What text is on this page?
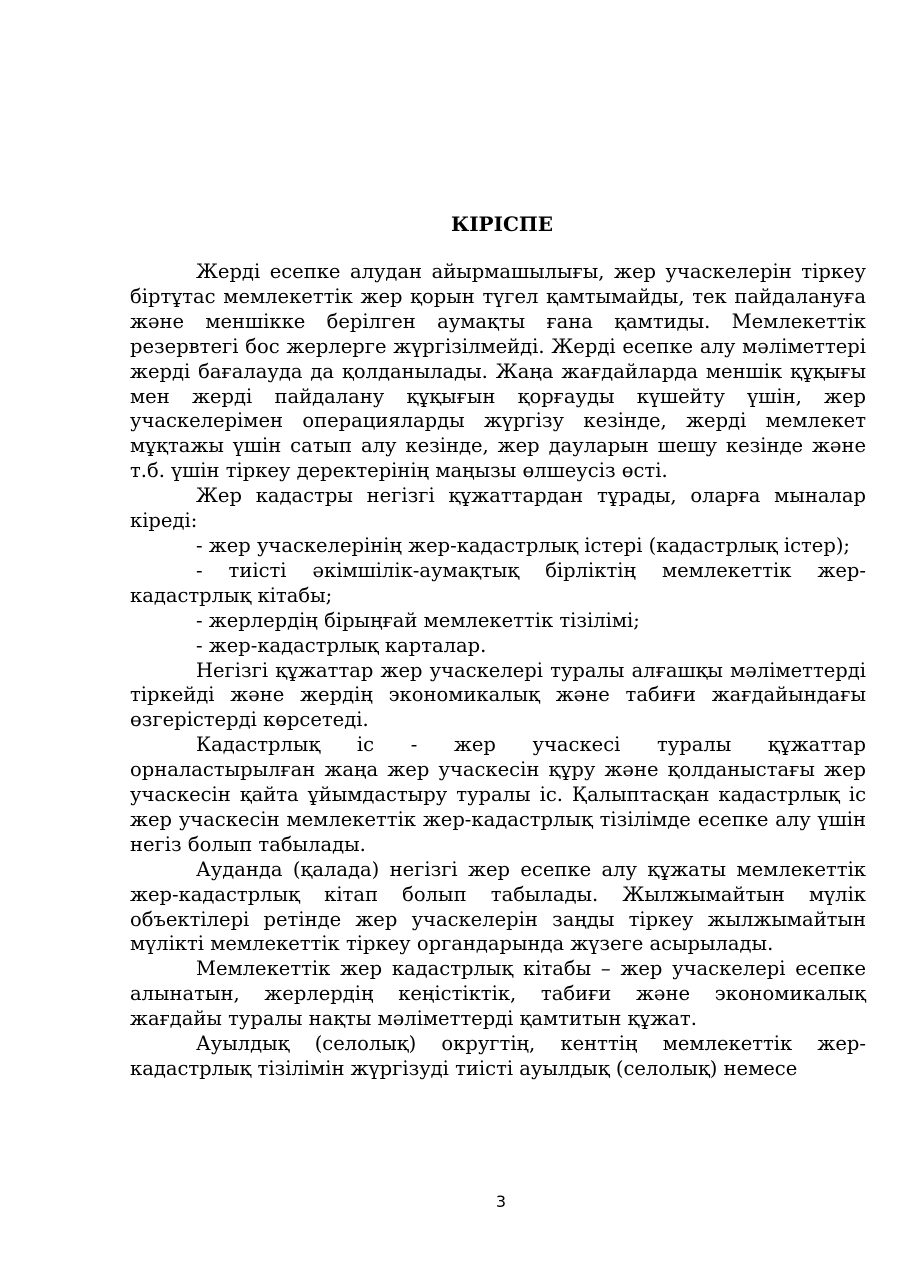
КІРІСПЕ

Жерді есепке алудан айырмашылығы, жер учаскелерін тіркеу біртұтас мемлекеттік жер қорын түгел қамтымайды, тек пайдалануға және меншікке берілген аумақты ғана қамтиды. Мемлекеттік резервтегі бос жерлерге жүргізілмейді. Жерді есепке алу мәліметтері жерді бағалауда да қолданылады. Жаңа жағдайларда меншік құқығы мен жерді пайдалану құқығын қорғауды күшейту үшін, жер учаскелерімен операцияларды жүргізу кезінде, жерді мемлекет мұқтажы үшін сатып алу кезінде, жер дауларын шешу кезінде және т.б. үшін тіркеу деректерінің маңызы өлшеусіз өсті.

Жер кадастры негізгі құжаттардан тұрады, оларға мыналар кіреді:

- жер учаскелерінің жер-кадастрлық істері (кадастрлық істер);

- тиісті әкімшілік-аумақтық бірліктің мемлекеттік жер-кадастрлық кітабы;

- жерлердің бірыңғай мемлекеттік тізілімі;

- жер-кадастрлық карталар.

Негізгі құжаттар жер учаскелері туралы алғашқы мәліметтерді тіркейді және жердің экономикалық және табиғи жағдайындағы өзгерістерді көрсетеді.

Кадастрлық іс - жер учаскесі туралы құжаттар орналастырылған жаңа жер учаскесін құру және қолданыстағы жер учаскесін қайта ұйымдастыру туралы іс. Қалыптасқан кадастрлық іс жер учаскесін мемлекеттік жер-кадастрлық тізілімде есепке алу үшін негіз болып табылады.

Ауданда (қалада) негізгі жер есепке алу құжаты мемлекеттік жер-кадастрлық кітап болып табылады. Жылжымайтын мүлік объектілері ретінде жер учаскелерін заңды тіркеу жылжымайтын мүлікті мемлекеттік тіркеу органдарында жүзеге асырылады.

Мемлекеттік жер кадастрлық кітабы – жер учаскелері есепке алынатын, жерлердің кеңістіктік, табиғи және экономикалық жағдайы туралы нақты мәліметтерді қамтитын құжат.

Ауылдық (селолық) округтің, кенттің мемлекеттік жер-кадастрлық тізілімін жүргізуді тиісті ауылдық (селолық) немесе

3
